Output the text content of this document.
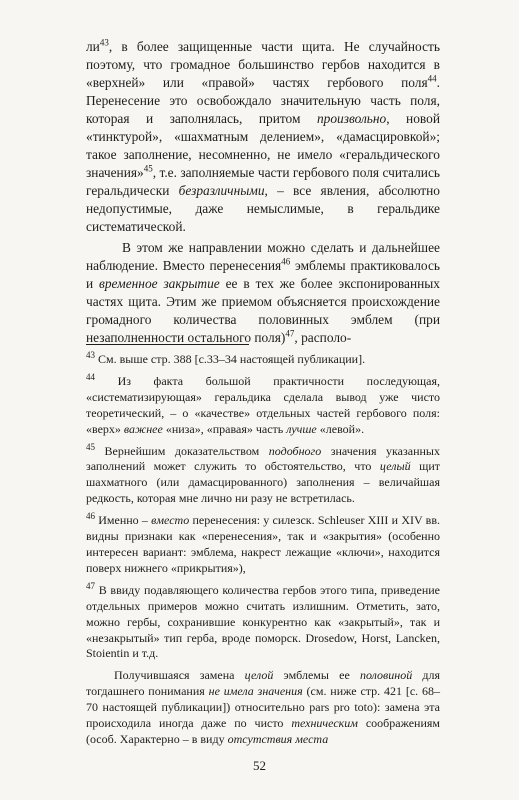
$ли^{43}$, в более защищенные части щита. Не случайность поэтому, что громадное большинство гербов находится в «верхней» или «правой» частях гербового поля$^{44}$. Перенесение это освобождало значительную часть поля, которая и заполнялась, притом произвольно, новой «тинктурой», «шахматным делением», «дамасцировкой»; такое заполнение, несомненно, не имело «геральдического значения»$^{45}$, т.е. заполняемые части гербового поля считались геральдически безразличными, – все явления, абсолютно недопустимые, даже немыслимые, в геральдике систематической.

В этом же направлении можно сделать и дальнейшее наблюдение. Вместо перенесения$^{46}$ эмблемы практиковалось и временное закрытие ее в тех же более экспонированных частях щита. Этим же приемом объясняется происхождение громадного количества половинных эмблем (при незаполненности остального поля)$^{47}$, располо-

$^{43}$ См. выше стр. 388 [с.33–34 настоящей публикации].

$^{44}$ Из факта большой практичности последующая, «систематизирующая» геральдика сделала вывод уже чисто теоретический, – о «качестве» отдельных частей гербового поля: «верх» важнее «низа», «правая» часть лучше «левой».

$^{45}$ Вернейшим доказательством подобного значения указанных заполнений может служить то обстоятельство, что целый щит шахматного (или дамасцированного) заполнения – величайшая редкость, которая мне лично ни разу не встретилась.

$^{46}$ Именно – вместо перенесения: у силезск. Schleuser XIII и XIV вв. видны признаки как «перенесения», так и «закрытия» (особенно интересен вариант: эмблема, накрест лежащие «ключи», находится поверх нижнего «прикрытия»),

$^{47}$ В ввиду подавляющего количества гербов этого типа, приведение отдельных примеров можно считать излишним. Отметить, зато, можно гербы, сохранившие конкурентно как «закрытый», так и «незакрытый» тип герба, вроде поморск. Drosedow, Horst, Lancken, Stoientin и т.д.

Получившаяся замена целой эмблемы ее половиной для тогдашнего понимания не имела значения (см. ниже стр. 421 [с. 68–70 настоящей публикации]) относительно pars pro toto): замена эта происходила иногда даже по чисто техническим соображениям (особ. Характерно – в виду отсутствия места

52
